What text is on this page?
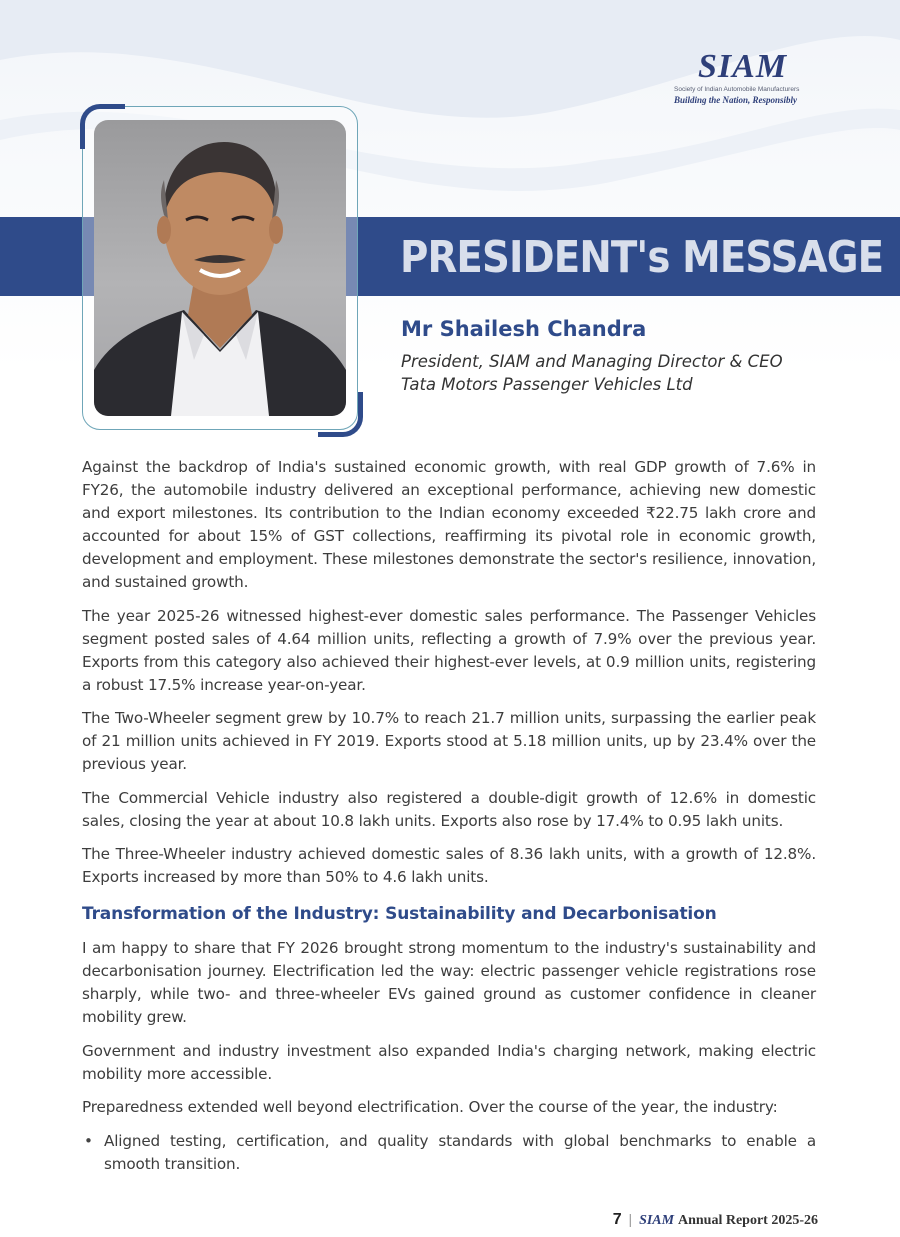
SIAM
Society of Indian Automobile Manufacturers
Building the Nation, Responsibly
PRESIDENT's MESSAGE
Mr Shailesh Chandra
President, SIAM and Managing Director & CEO
Tata Motors Passenger Vehicles Ltd

Against the backdrop of India's sustained economic growth, with real GDP growth of 7.6% in FY26, the automobile industry delivered an exceptional performance, achieving new domestic and export milestones. Its contribution to the Indian economy exceeded ₹22.75 lakh crore and accounted for about 15% of GST collections, reaffirming its pivotal role in economic growth, development and employment. These milestones demonstrate the sector's resilience, innovation, and sustained growth.

The year 2025-26 witnessed highest-ever domestic sales performance. The Passenger Vehicles segment posted sales of 4.64 million units, reflecting a growth of 7.9% over the previous year. Exports from this category also achieved their highest-ever levels, at 0.9 million units, registering a robust 17.5% increase year-on-year.

The Two-Wheeler segment grew by 10.7% to reach 21.7 million units, surpassing the earlier peak of 21 million units achieved in FY 2019. Exports stood at 5.18 million units, up by 23.4% over the previous year.

The Commercial Vehicle industry also registered a double-digit growth of 12.6% in domestic sales, closing the year at about 10.8 lakh units. Exports also rose by 17.4% to 0.95 lakh units.

The Three-Wheeler industry achieved domestic sales of 8.36 lakh units, with a growth of 12.8%. Exports increased by more than 50% to 4.6 lakh units.

Transformation of the Industry: Sustainability and Decarbonisation

I am happy to share that FY 2026 brought strong momentum to the industry's sustainability and decarbonisation journey. Electrification led the way: electric passenger vehicle registrations rose sharply, while two- and three-wheeler EVs gained ground as customer confidence in cleaner mobility grew.

Government and industry investment also expanded India's charging network, making electric mobility more accessible.

Preparedness extended well beyond electrification. Over the course of the year, the industry:

• Aligned testing, certification, and quality standards with global benchmarks to enable a smooth transition.
7 | SIAM Annual Report 2025-26
